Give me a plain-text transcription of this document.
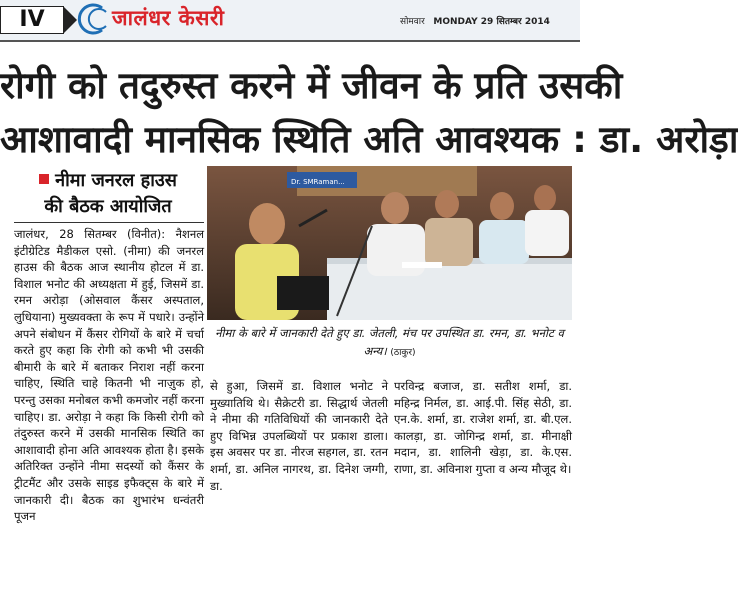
IV	जालंधर केसरी	सोमवार MONDAY 29 सितम्बर 2014
रोगी को तदुरुस्त करने में जीवन के प्रति उसकी
आशावादी मानसिक स्थिति अति आवश्यक : डा. अरोड़ा
नीमा जनरल हाउस
की बैठक आयोजित
जालंधर, 28 सितम्बर (विनीत): नैशनल इंटीग्रेटिड मैडीकल एसो. (नीमा) की जनरल हाउस की बैठक आज स्थानीय होटल में डा. विशाल भनोट की अध्यक्षता में हुई, जिसमें डा. रमन अरोड़ा (ओसवाल कैंसर अस्पताल, लुधियाना) मुख्यवक्ता के रूप में पधारे। उन्होंने अपने संबोधन में कैंसर रोगियों के बारे में चर्चा करते हुए कहा कि रोगी को कभी भी उसकी बीमारी के बारे में बताकर निराश नहीं करना चाहिए, स्थिति चाहे कितनी भी नाज़ुक हो, परन्तु उसका मनोबल कभी कमजोर नहीं करना चाहिए। डा. अरोड़ा ने कहा कि किसी रोगी को तंदुरुस्त करने में उसकी मानसिक स्थिति का आशावादी होना अति आवश्यक होता है। इसके अतिरिक्त उन्होंने नीमा सदस्यों को कैंसर के ट्रीटमैंट और उसके साइड इफैक्ट्स के बारे में जानकारी दी। बैठक का शुभारंभ धन्वंतरी पूजन
Dr. SMRaman...
नीमा के बारे में जानकारी देते हुए डा. जेतली, मंच पर उपस्थित डा. रमन, डा. भनोट व अन्य। (ठाकुर)
से हुआ, जिसमें डा. विशाल भनोट ने मुख्यातिथि थे। सैक्रेटरी डा. सिद्धार्थ जेतली ने नीमा की गतिविधियों की जानकारी देते हुए विभिन्न उपलब्धियों पर प्रकाश डाला। इस अवसर पर डा. नीरज सहगल, डा. रतन शर्मा, डा. अनिल नागरथ, डा. दिनेश जग्गी, डा.
परविन्द्र बजाज, डा. सतीश शर्मा, डा. महिन्द्र निर्मल, डा. आई.पी. सिंह सेठी, डा. एन.के. शर्मा, डा. राजेश शर्मा, डा. बी.एल. कालड़ा, डा. जोगिन्द्र शर्मा, डा. मीनाक्षी मदान, डा. शालिनी खेड़ा, डा. के.एस. राणा, डा. अविनाश गुप्ता व अन्य मौजूद थे।
